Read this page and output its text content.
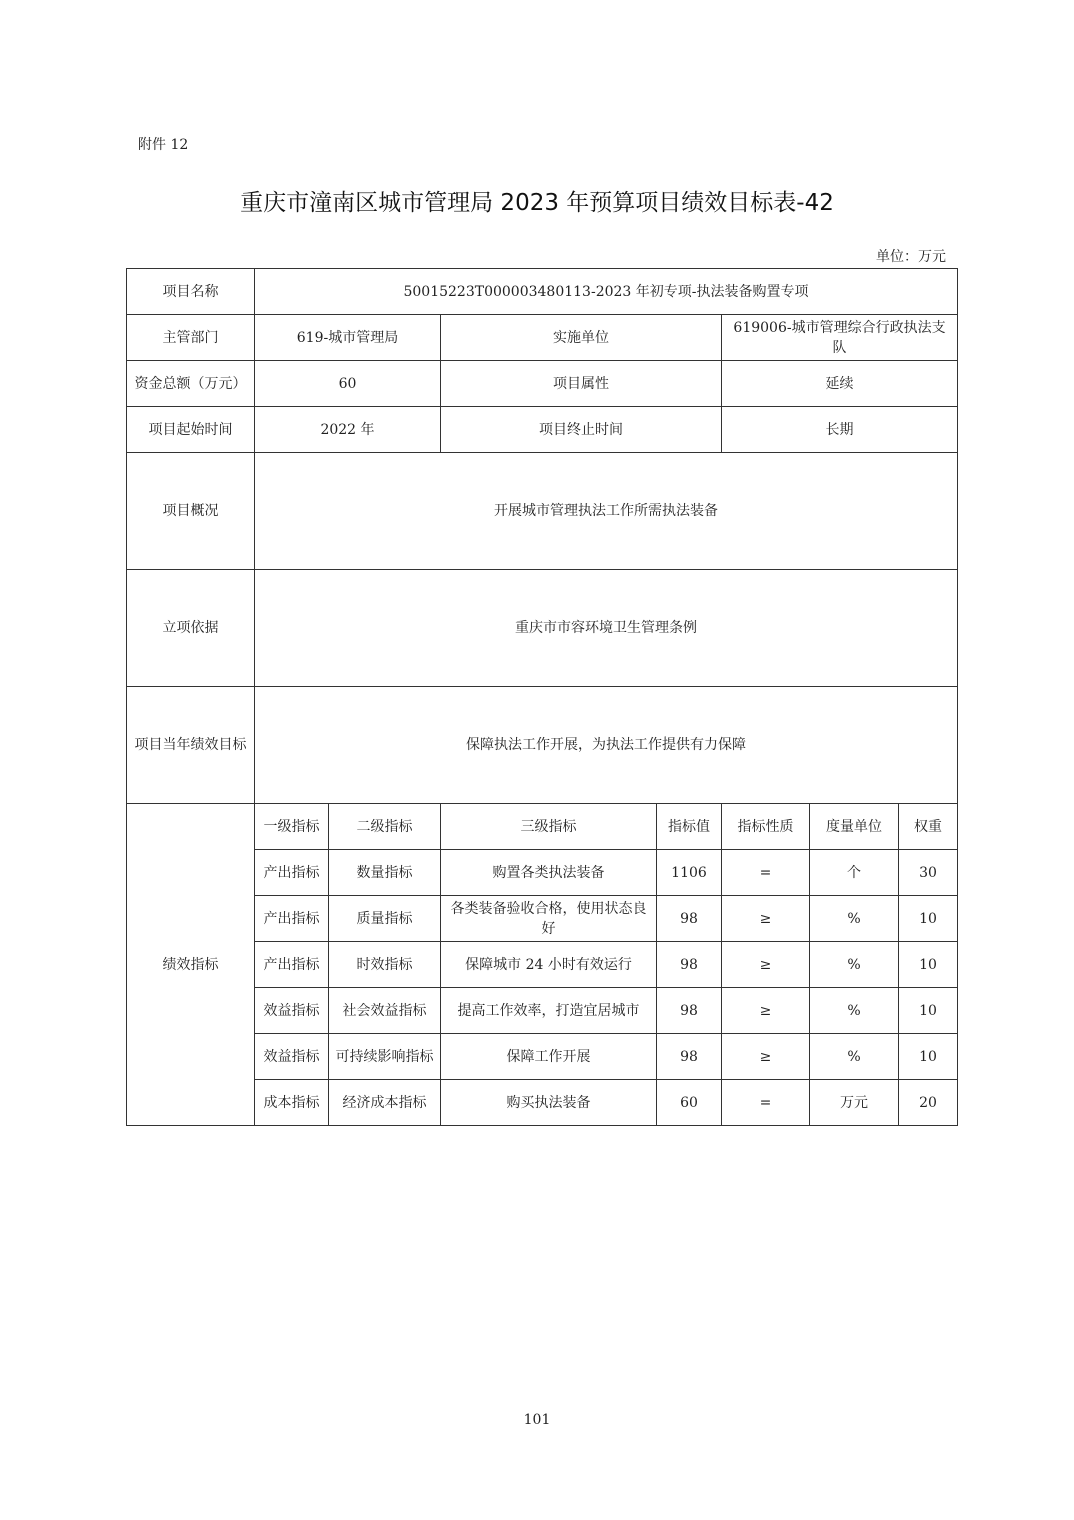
附件 12
重庆市潼南区城市管理局 2023 年预算项目绩效目标表-42
单位：万元
项目名称	50015223T000003480113-2023 年初专项-执法装备购置专项						
主管部门	619-城市管理局		实施单位		619006-城市管理综合行政执法支队		
资金总额（万元）	60		项目属性		延续		
项目起始时间	2022 年		项目终止时间		长期		
项目概况	开展城市管理执法工作所需执法装备						
立项依据	重庆市市容环境卫生管理条例						
项目当年绩效目标	保障执法工作开展，为执法工作提供有力保障						
绩效指标	一级指标	二级指标	三级指标	指标值	指标性质	度量单位	权重
	产出指标	数量指标	购置各类执法装备	1106	=	个	30
	产出指标	质量指标	各类装备验收合格，使用状态良好	98	≥	%	10
	产出指标	时效指标	保障城市 24 小时有效运行	98	≥	%	10
	效益指标	社会效益指标	提高工作效率，打造宜居城市	98	≥	%	10
	效益指标	可持续影响指标	保障工作开展	98	≥	%	10
	成本指标	经济成本指标	购买执法装备	60	=	万元	20
101
